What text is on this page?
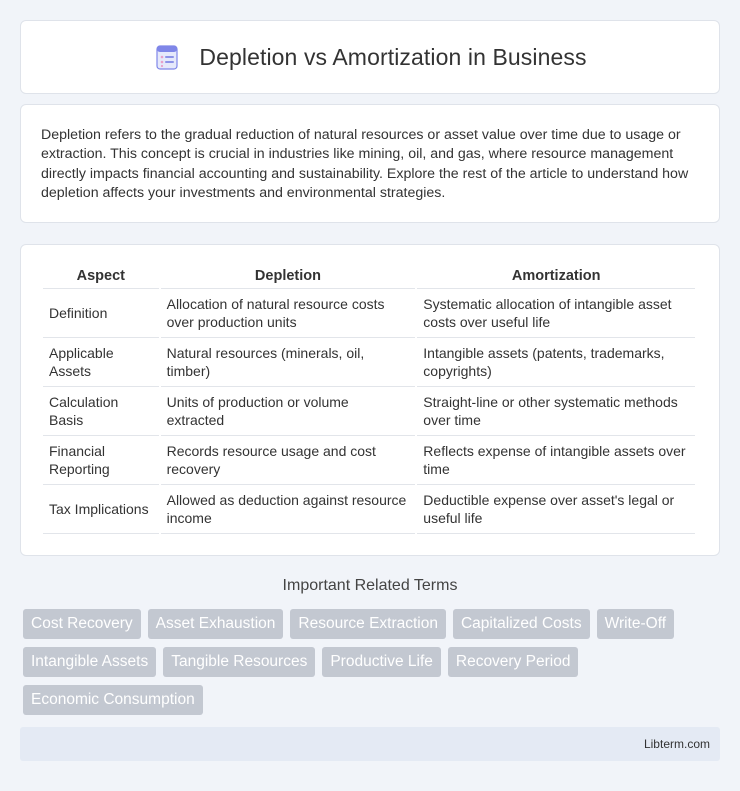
Depletion vs Amortization in Business

Depletion refers to the gradual reduction of natural resources or asset value over time due to usage or extraction. This concept is crucial in industries like mining, oil, and gas, where resource management directly impacts financial accounting and sustainability. Explore the rest of the article to understand how depletion affects your investments and environmental strategies.

Aspect	Depletion	Amortization
Definition	Allocation of natural resource costs over production units	Systematic allocation of intangible asset costs over useful life
Applicable Assets	Natural resources (minerals, oil, timber)	Intangible assets (patents, trademarks, copyrights)
Calculation Basis	Units of production or volume extracted	Straight-line or other systematic methods over time
Financial Reporting	Records resource usage and cost recovery	Reflects expense of intangible assets over time
Tax Implications	Allowed as deduction against resource income	Deductible expense over asset's legal or useful life
Important Related Terms
Cost Recovery	Asset Exhaustion	Resource Extraction	Capitalized Costs	Write-Off
Intangible Assets	Tangible Resources	Productive Life	Recovery Period
Economic Consumption
Libterm.com
